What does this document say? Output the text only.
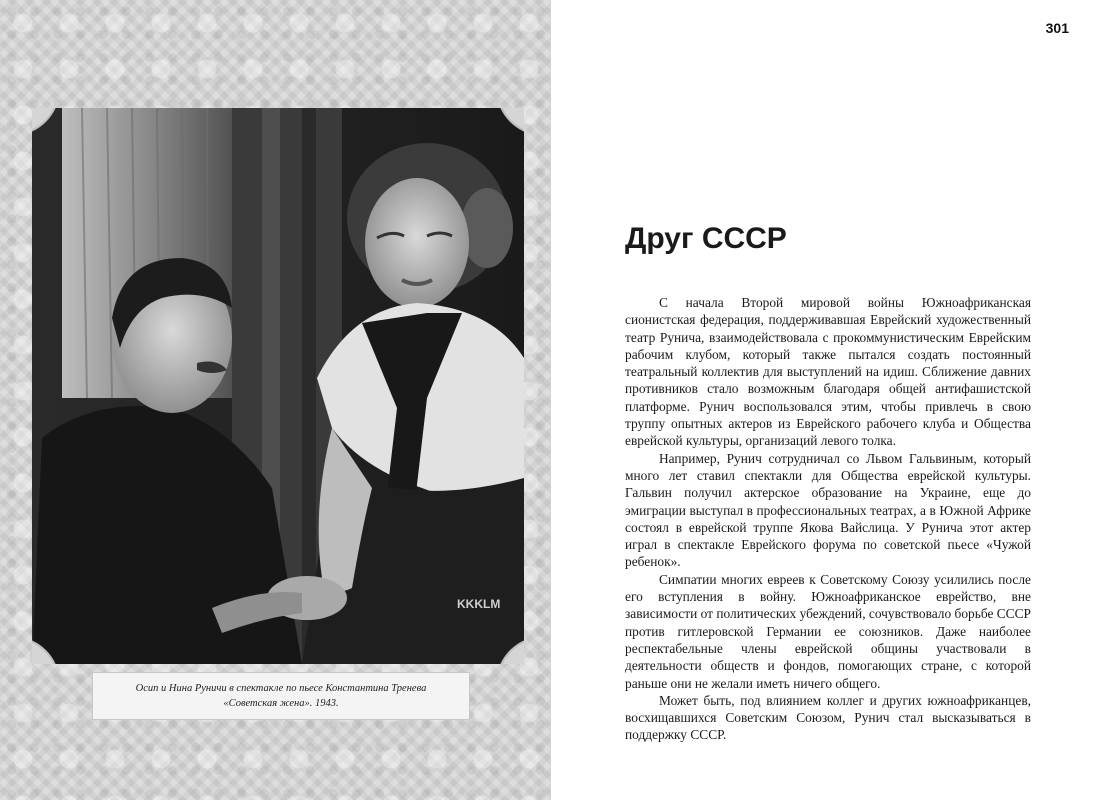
KKKLM
Осип и Нина Руничи в спектакле по пьесе Константина Тренева
«Советская жена». 1943.
301
Друг СССР

С начала Второй мировой войны Южноафриканская сионистская федерация, поддерживавшая Еврейский художественный театр Рунича, взаимодействовала с прокоммунистическим Еврейским рабочим клубом, который также пытался создать постоянный театральный коллектив для выступлений на идиш. Сближение давних противников стало возможным благодаря общей антифашистской платформе. Рунич воспользовался этим, чтобы привлечь в свою труппу опытных актеров из Еврейского рабочего клуба и Общества еврейской культуры, организаций левого толка.

Например, Рунич сотрудничал со Львом Гальвиным, который много лет ставил спектакли для Общества еврейской культуры. Гальвин получил актерское образование на Украине, еще до эмиграции выступал в профессиональных театрах, а в Южной Африке состоял в еврейской труппе Якова Вайслица. У Рунича этот актер играл в спектакле Еврейского форума по советской пьесе «Чужой ребенок».

Симпатии многих евреев к Советскому Союзу усилились после его вступления в войну. Южноафриканское еврейство, вне зависимости от политических убеждений, сочувствовало борьбе СССР против гитлеровской Германии ее союзников. Даже наиболее респектабельные члены еврейской общины участвовали в деятельности обществ и фондов, помогающих стране, с которой раньше они не желали иметь ничего общего.

Может быть, под влиянием коллег и других южноафриканцев, восхищавшихся Советским Союзом, Рунич стал высказываться в поддержку СССР.
